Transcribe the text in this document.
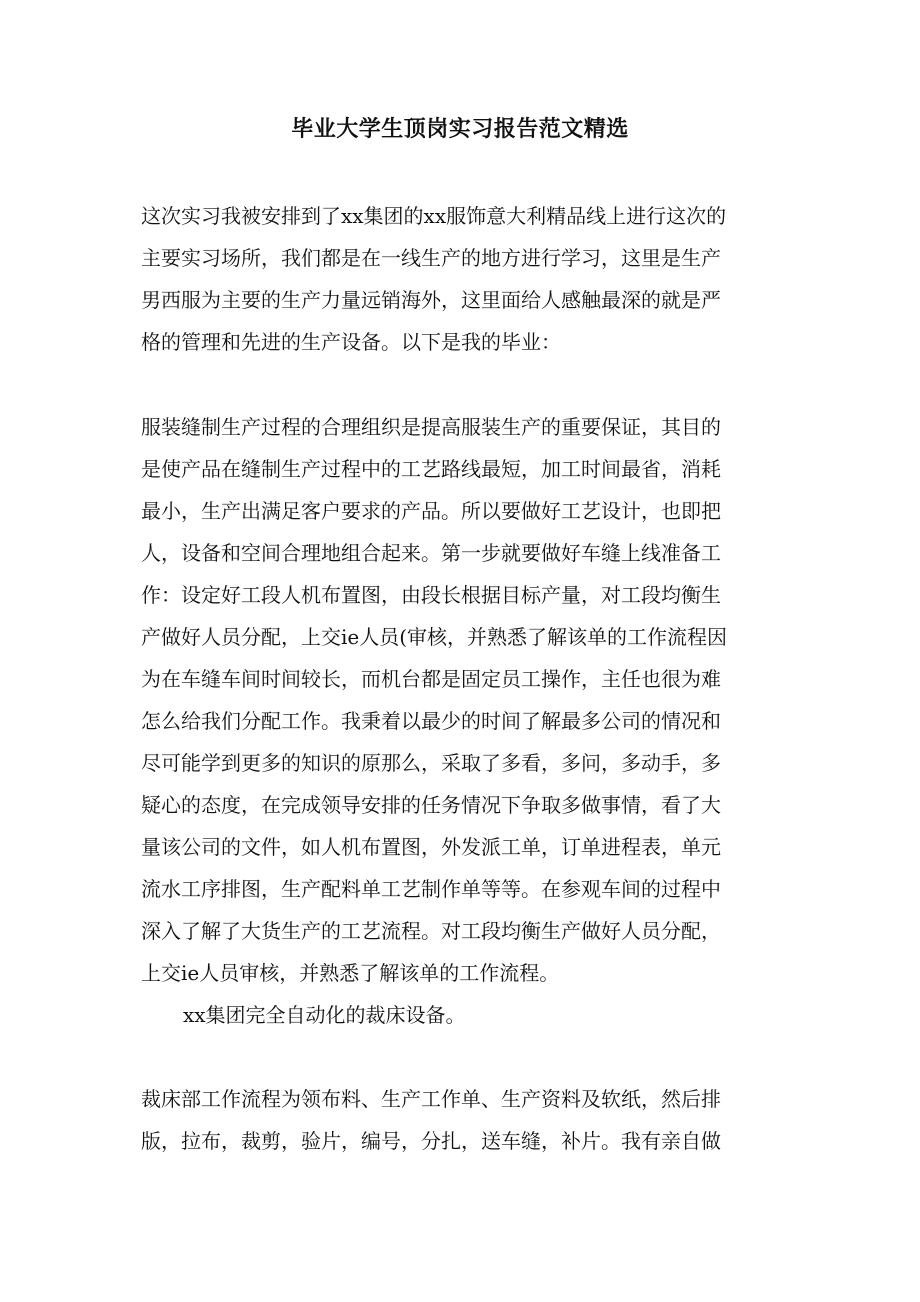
毕业大学生顶岗实习报告范文精选
这次实习我被安排到了xx集团的xx服饰意大利精品线上进行这次的
主要实习场所，我们都是在一线生产的地方进行学习，这里是生产
男西服为主要的生产力量远销海外，这里面给人感触最深的就是严
格的管理和先进的生产设备。以下是我的毕业：
服装缝制生产过程的合理组织是提高服装生产的重要保证，其目的
是使产品在缝制生产过程中的工艺路线最短，加工时间最省，消耗
最小，生产出满足客户要求的产品。所以要做好工艺设计，也即把
人，设备和空间合理地组合起来。第一步就要做好车缝上线准备工
作：设定好工段人机布置图，由段长根据目标产量，对工段均衡生
产做好人员分配，上交ie人员(审核，并熟悉了解该单的工作流程因
为在车缝车间时间较长，而机台都是固定员工操作，主任也很为难
怎么给我们分配工作。我秉着以最少的时间了解最多公司的情况和
尽可能学到更多的知识的原那么，采取了多看，多问，多动手，多
疑心的态度，在完成领导安排的任务情况下争取多做事情，看了大
量该公司的文件，如人机布置图，外发派工单，订单进程表，单元
流水工序排图，生产配料单工艺制作单等等。在参观车间的过程中
深入了解了大货生产的工艺流程。对工段均衡生产做好人员分配，
上交ie人员审核，并熟悉了解该单的工作流程。
xx集团完全自动化的裁床设备。
裁床部工作流程为领布料、生产工作单、生产资料及软纸，然后排
版，拉布，裁剪，验片，编号，分扎，送车缝，补片。我有亲自做
